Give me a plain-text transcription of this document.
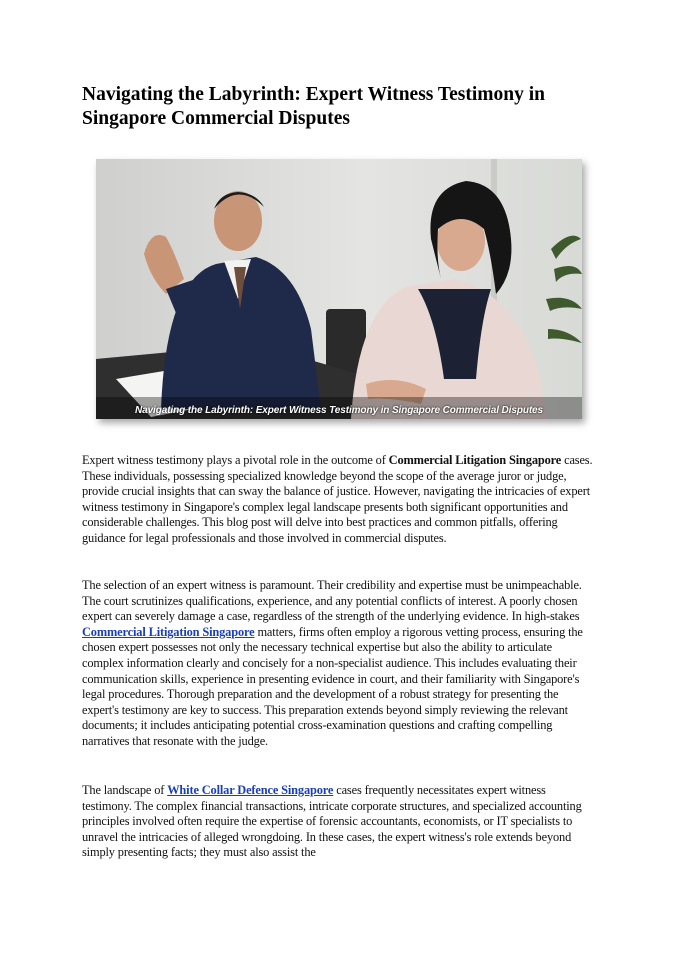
Navigating the Labyrinth: Expert Witness Testimony in Singapore Commercial Disputes
Navigating the Labyrinth: Expert Witness Testimony in Singapore Commercial Disputes

Expert witness testimony plays a pivotal role in the outcome of Commercial Litigation Singapore cases. These individuals, possessing specialized knowledge beyond the scope of the average juror or judge, provide crucial insights that can sway the balance of justice. However, navigating the intricacies of expert witness testimony in Singapore's complex legal landscape presents both significant opportunities and considerable challenges. This blog post will delve into best practices and common pitfalls, offering guidance for legal professionals and those involved in commercial disputes.

The selection of an expert witness is paramount. Their credibility and expertise must be unimpeachable. The court scrutinizes qualifications, experience, and any potential conflicts of interest. A poorly chosen expert can severely damage a case, regardless of the strength of the underlying evidence. In high-stakes Commercial Litigation Singapore matters, firms often employ a rigorous vetting process, ensuring the chosen expert possesses not only the necessary technical expertise but also the ability to articulate complex information clearly and concisely for a non-specialist audience. This includes evaluating their communication skills, experience in presenting evidence in court, and their familiarity with Singapore's legal procedures. Thorough preparation and the development of a robust strategy for presenting the expert's testimony are key to success. This preparation extends beyond simply reviewing the relevant documents; it includes anticipating potential cross-examination questions and crafting compelling narratives that resonate with the judge.

The landscape of White Collar Defence Singapore cases frequently necessitates expert witness testimony. The complex financial transactions, intricate corporate structures, and specialized accounting principles involved often require the expertise of forensic accountants, economists, or IT specialists to unravel the intricacies of alleged wrongdoing. In these cases, the expert witness's role extends beyond simply presenting facts; they must also assist the
